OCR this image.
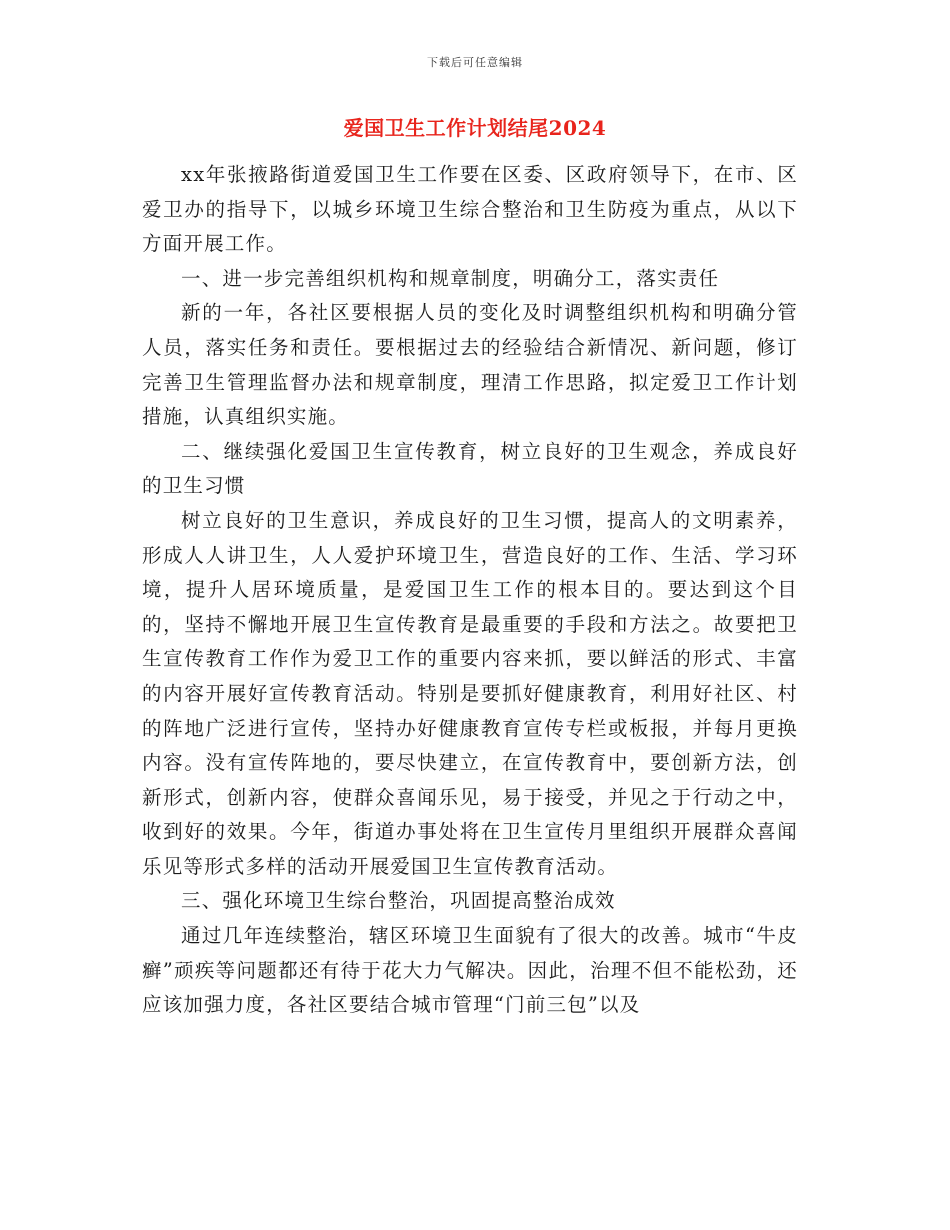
下载后可任意编辑
爱国卫生工作计划结尾2024

xx年张掖路街道爱国卫生工作要在区委、区政府领导下，在市、区爱卫办的指导下，以城乡环境卫生综合整治和卫生防疫为重点，从以下方面开展工作。

一、进一步完善组织机构和规章制度，明确分工，落实责任

新的一年，各社区要根据人员的变化及时调整组织机构和明确分管人员，落实任务和责任。要根据过去的经验结合新情况、新问题，修订完善卫生管理监督办法和规章制度，理清工作思路，拟定爱卫工作计划措施，认真组织实施。

二、继续强化爱国卫生宣传教育，树立良好的卫生观念，养成良好的卫生习惯

树立良好的卫生意识，养成良好的卫生习惯，提高人的文明素养，形成人人讲卫生，人人爱护环境卫生，营造良好的工作、生活、学习环境，提升人居环境质量，是爱国卫生工作的根本目的。要达到这个目的，坚持不懈地开展卫生宣传教育是最重要的手段和方法之。故要把卫生宣传教育工作作为爱卫工作的重要内容来抓，要以鲜活的形式、丰富的内容开展好宣传教育活动。特别是要抓好健康教育，利用好社区、村的阵地广泛进行宣传，坚持办好健康教育宣传专栏或板报，并每月更换内容。没有宣传阵地的，要尽快建立，在宣传教育中，要创新方法，创新形式，创新内容，使群众喜闻乐见，易于接受，并见之于行动之中，收到好的效果。今年，街道办事处将在卫生宣传月里组织开展群众喜闻乐见等形式多样的活动开展爱国卫生宣传教育活动。

三、强化环境卫生综台整治，巩固提高整治成效

通过几年连续整治，辖区环境卫生面貌有了很大的改善。城市“牛皮癣”顽疾等问题都还有待于花大力气解决。因此，治理不但不能松劲，还应该加强力度，各社区要结合城市管理“门前三包”以及
